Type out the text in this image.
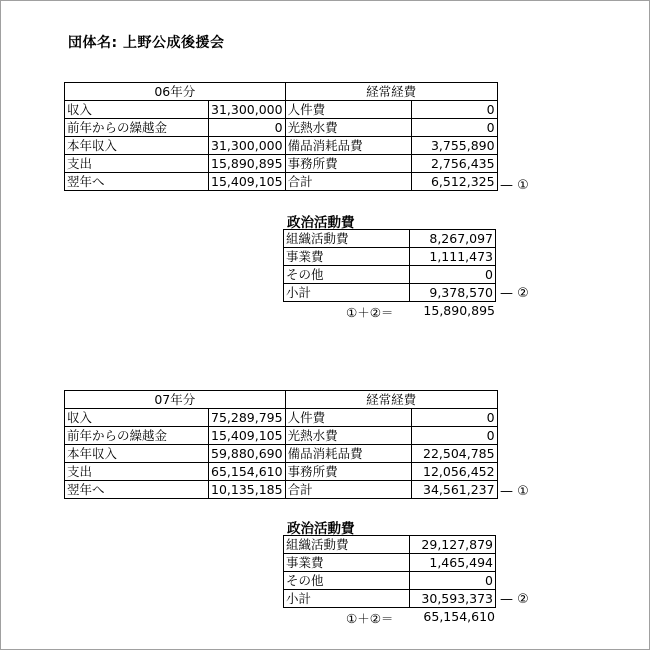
団体名: 上野公成後援会
06年分		経常経費	
収入	31,300,000	人件費	0
前年からの繰越金	0	光熱水費	0
本年収入	31,300,000	備品消耗品費	3,755,890
支出	15,890,895	事務所費	2,756,435
翌年へ	15,409,105	合計	6,512,325 — ①
政治活動費
組織活動費	8,267,097
事業費	1,111,473
その他	0
小計	9,378,570 — ②
①＋②＝	15,890,895
07年分		経常経費	
収入	75,289,795	人件費	0
前年からの繰越金	15,409,105	光熱水費	0
本年収入	59,880,690	備品消耗品費	22,504,785
支出	65,154,610	事務所費	12,056,452
翌年へ	10,135,185	合計	34,561,237 — ①
政治活動費
組織活動費	29,127,879
事業費	1,465,494
その他	0
小計	30,593,373 — ②
①＋②＝	65,154,610
